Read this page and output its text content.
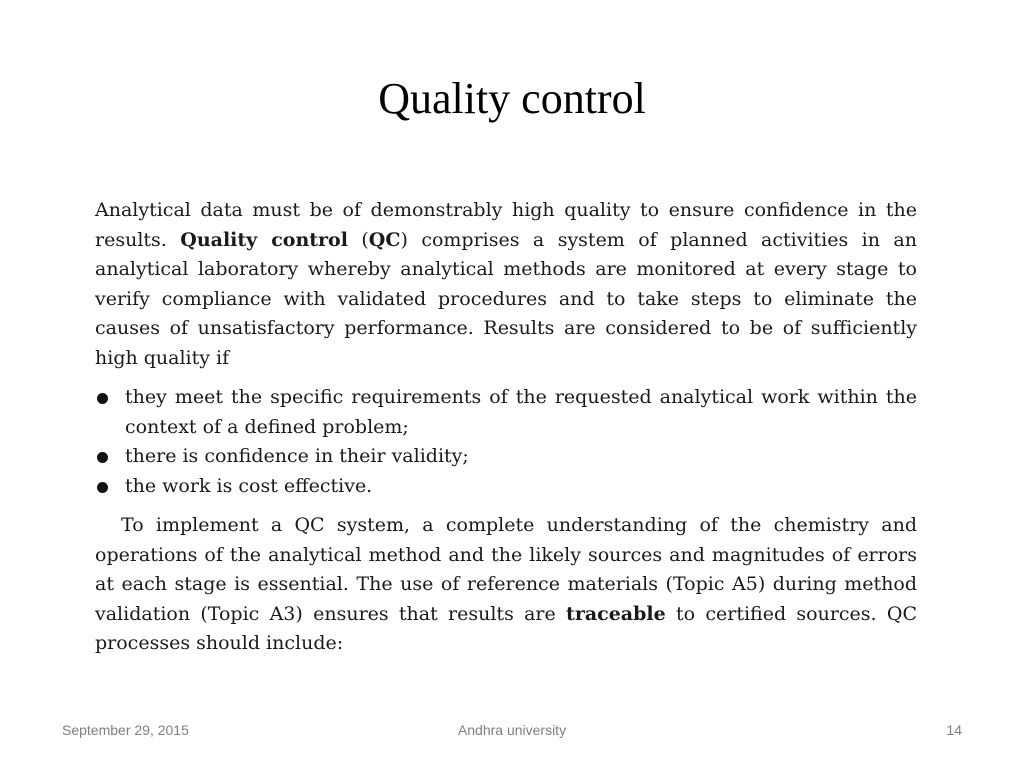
Quality control

Analytical data must be of demonstrably high quality to ensure confidence in the results. Quality control (QC) comprises a system of planned activities in an analytical laboratory whereby analytical methods are monitored at every stage to verify compliance with validated procedures and to take steps to eliminate the causes of unsatisfactory performance. Results are considered to be of sufficiently high quality if

they meet the specific requirements of the requested analytical work within the context of a defined problem;
there is confidence in their validity;
the work is cost effective.

To implement a QC system, a complete understanding of the chemistry and operations of the analytical method and the likely sources and magnitudes of errors at each stage is essential. The use of reference materials (Topic A5) during method validation (Topic A3) ensures that results are traceable to certified sources. QC processes should include:

September 29, 2015	Andhra university	14
